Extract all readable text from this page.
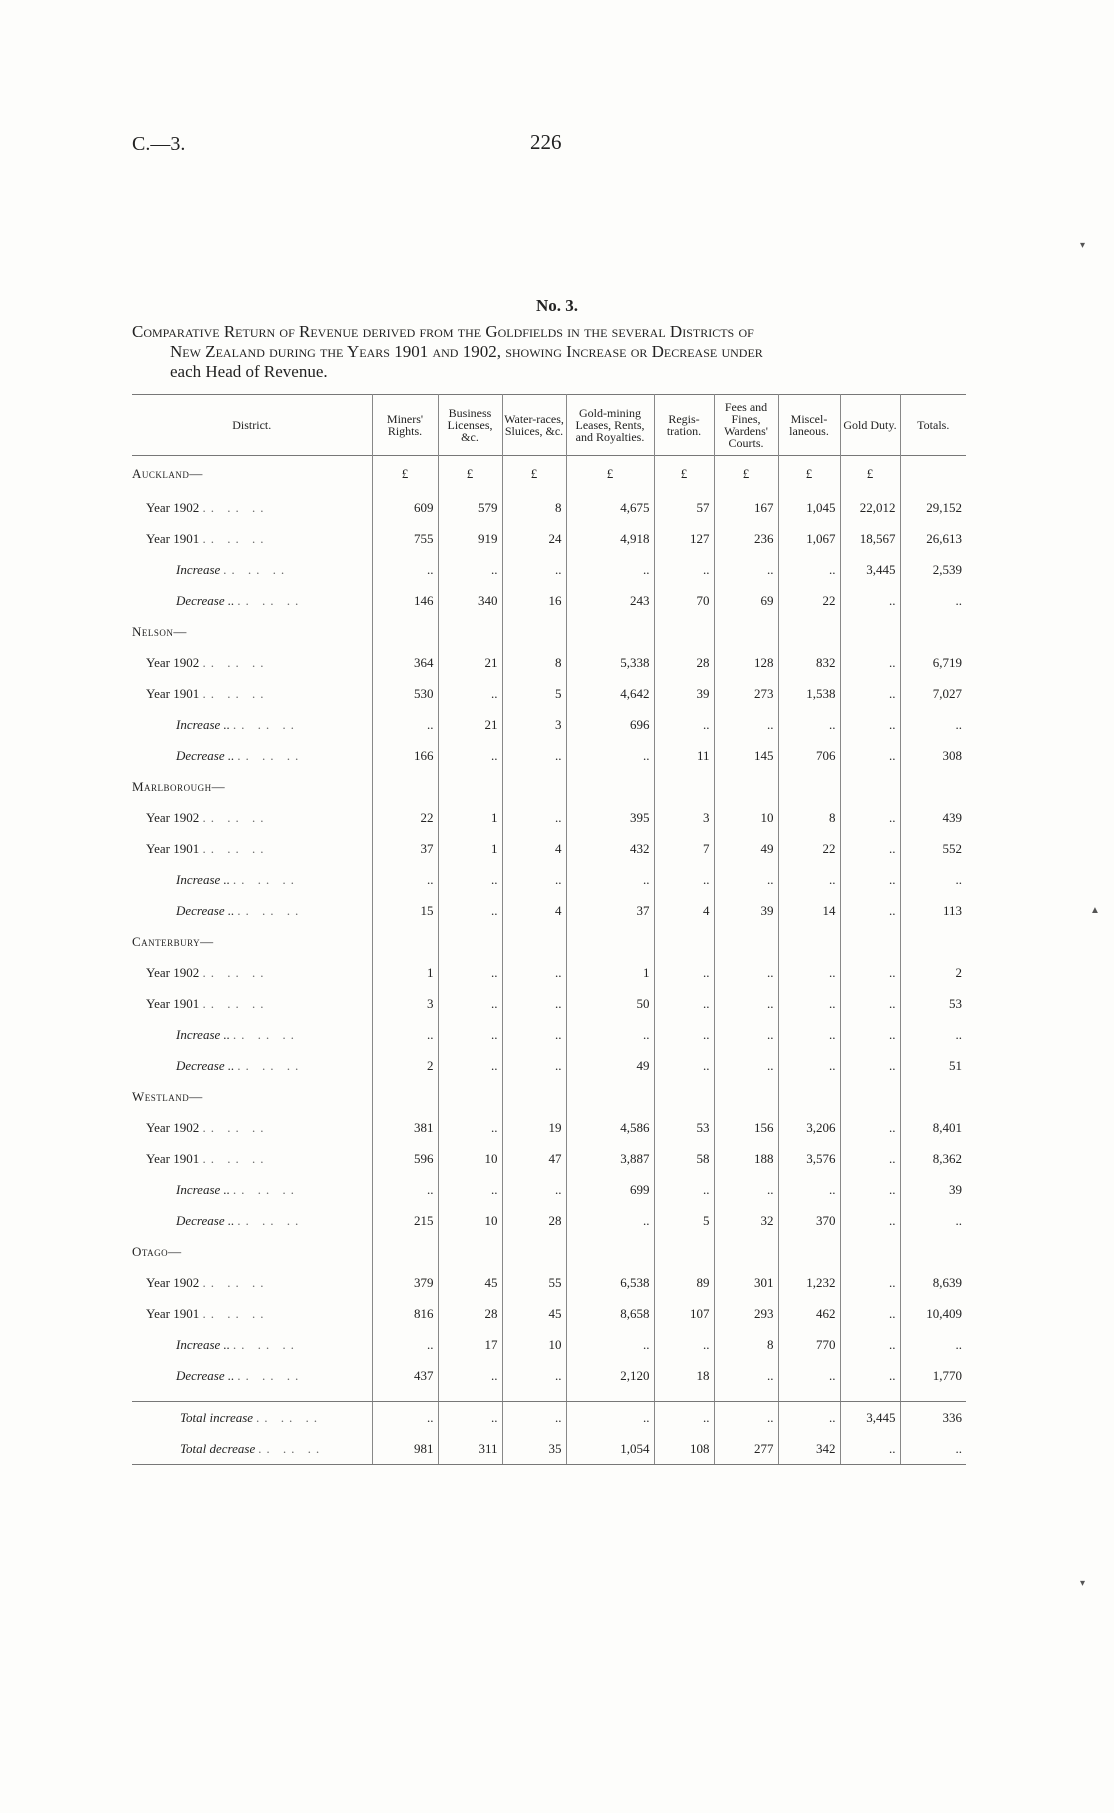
C.—3.	226
No. 3.
Comparative Return of Revenue derived from the Goldfields in the several Districts of
New Zealand during the Years 1901 and 1902, showing Increase or Decrease under
each Head of Revenue.
District.	Miners' Rights.	Business Licenses, &c.	Water-races, Sluices, &c.	Gold-mining Leases, Rents, and Royalties.	Regis-tration.	Fees and Fines, Wardens' Courts.	Miscel-laneous.	Gold Duty.	Totals.
Auckland—	£	£	£	£	£	£	£	£	
Year 1902 .. .. ..	609	579	8	4,675	57	167	1,045	22,012	29,152
Year 1901 .. .. ..	755	919	24	4,918	127	236	1,067	18,567	26,613
Increase .. .. ..	..	..	..	..	..	..	..	3,445	2,539
Decrease .. .. .. ..	146	340	16	243	70	69	22	..	..
Nelson—									
Year 1902 .. .. ..	364	21	8	5,338	28	128	832	..	6,719
Year 1901 .. .. ..	530	..	5	4,642	39	273	1,538	..	7,027
Increase .. .. .. ..	..	21	3	696	..	..	..	..	..
Decrease .. .. .. ..	166	..	..	..	11	145	706	..	308
Marlborough—									
Year 1902 .. .. ..	22	1	..	395	3	10	8	..	439
Year 1901 .. .. ..	37	1	4	432	7	49	22	..	552
Increase .. .. .. ..	..	..	..	..	..	..	..	..	..
Decrease .. .. .. ..	15	..	4	37	4	39	14	..	113
Canterbury—									
Year 1902 .. .. ..	1	..	..	1	..	..	..	..	2
Year 1901 .. .. ..	3	..	..	50	..	..	..	..	53
Increase .. .. .. ..	..	..	..	..	..	..	..	..	..
Decrease .. .. .. ..	2	..	..	49	..	..	..	..	51
Westland—									
Year 1902 .. .. ..	381	..	19	4,586	53	156	3,206	..	8,401
Year 1901 .. .. ..	596	10	47	3,887	58	188	3,576	..	8,362
Increase .. .. .. ..	..	..	..	699	..	..	..	..	39
Decrease .. .. .. ..	215	10	28	..	5	32	370	..	..
Otago—									
Year 1902 .. .. ..	379	45	55	6,538	89	301	1,232	..	8,639
Year 1901 .. .. ..	816	28	45	8,658	107	293	462	..	10,409
Increase .. .. .. ..	..	17	10	..	..	8	770	..	..
Decrease .. .. .. ..	437	..	..	2,120	18	..	..	..	1,770

Total increase .. .. ..	..	..	..	..	..	..	..	3,445	336
Total decrease .. .. ..	981	311	35	1,054	108	277	342	..	..
▾
▾
▲
